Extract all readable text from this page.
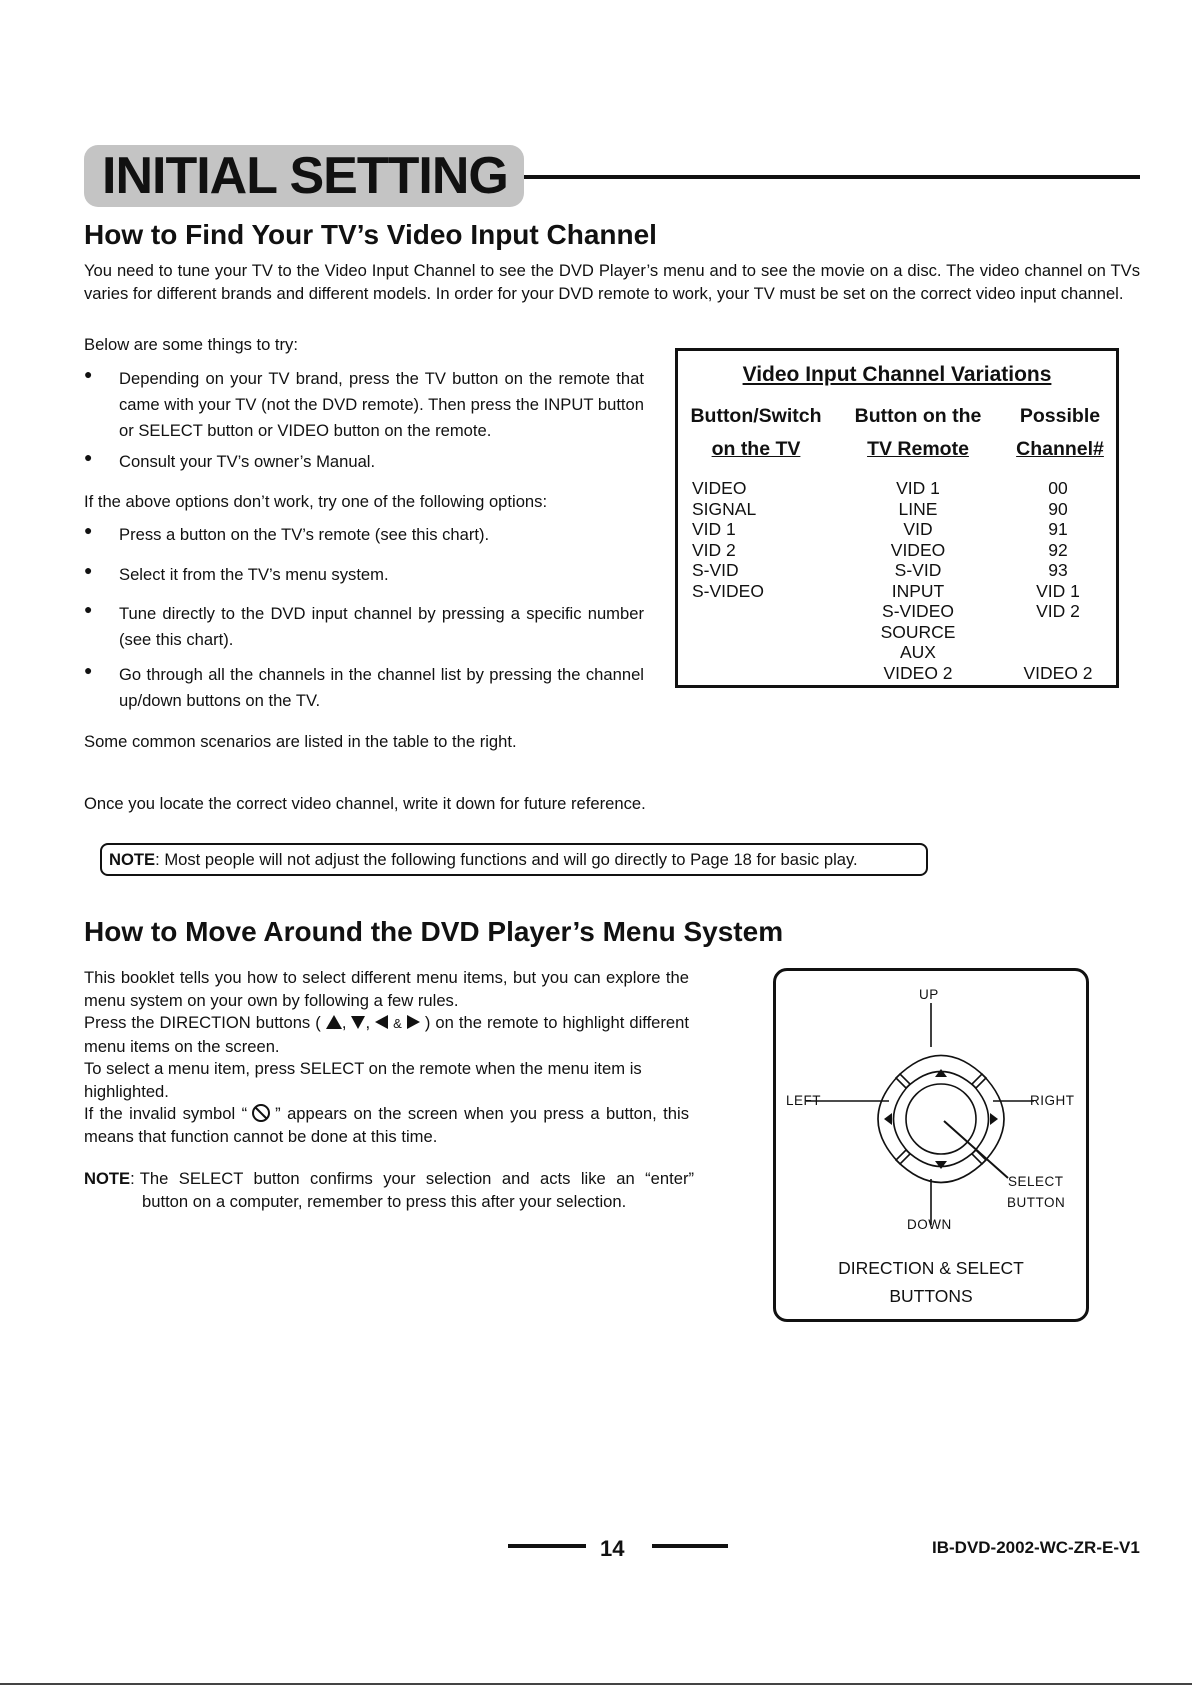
INITIAL SETTING
How to Find Your TV’s Video Input Channel

You need to tune your TV to the Video Input Channel to see the DVD Player’s menu and to see the movie on a disc. The video channel on TVs varies for different brands and different models. In order for your DVD remote to work, your TV must be set on the correct video input channel.

Below are some things to try:

● Depending on your TV brand, press the TV button on the remote that came with your TV (not the DVD remote). Then press the INPUT button or SELECT button or VIDEO button on the remote.

● Consult your TV’s owner’s Manual.

If the above options don’t work, try one of the following options:

● Press a button on the TV’s remote (see this chart).

● Select it from the TV’s menu system.

● Tune directly to the DVD input channel by pressing a specific number (see this chart).

● Go through all the channels in the channel list by pressing the channel up/down buttons on the TV.

Some common scenarios are listed in the table to the right.

Once you locate the correct video channel, write it down for future reference.

Video Input Channel Variations
Button/Switch
on the TV
Button on the
TV Remote
Possible
Channel#
VIDEO
SIGNAL
VID 1
VID 2
S-VID
S-VIDEO
VID 1
LINE
VID
VIDEO
S-VID
INPUT
S-VIDEO
SOURCE
AUX
VIDEO 2
00
90
91
92
93
VID 1
VID 2
VIDEO 2
NOTE: Most people will not adjust the following functions and will go directly to Page 18 for basic play.
How to Move Around the DVD Player’s Menu System

This booklet tells you how to select different menu items, but you can explore the menu system on your own by following a few rules.

Press the DIRECTION buttons ( , , & ) on the remote to highlight different menu items on the screen.

To select a menu item, press SELECT on the remote when the menu item is highlighted.

If the invalid symbol “ ” appears on the screen when you press a button, this means that function cannot be done at this time.

NOTE : The SELECT button confirms your selection and acts like an “enter”
button on a computer, remember to press this after your selection.
UP
LEFT	RIGHT
SELECT
BUTTON
DOWN
DIRECTION & SELECT
BUTTONS
14	IB-DVD-2002-WC-ZR-E-V1
